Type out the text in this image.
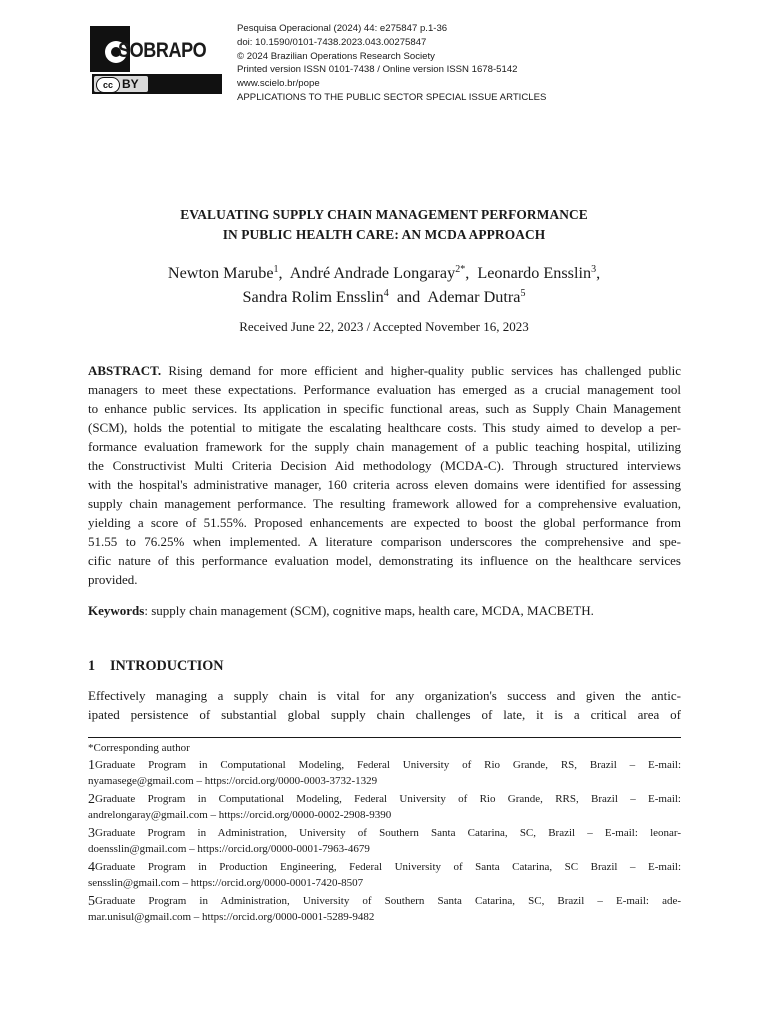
SOBRAPO
cc BY
Pesquisa Operacional (2024) 44: e275847 p.1-36
doi: 10.1590/0101-7438.2023.043.00275847
© 2024 Brazilian Operations Research Society
Printed version ISSN 0101-7438 / Online version ISSN 1678-5142
www.scielo.br/pope
APPLICATIONS TO THE PUBLIC SECTOR SPECIAL ISSUE ARTICLES
EVALUATING SUPPLY CHAIN MANAGEMENT PERFORMANCE
IN PUBLIC HEALTH CARE: AN MCDA APPROACH
Newton Marube$^1$,  André Andrade Longaray$^{2*}$,  Leonardo Ensslin$^3$,
Sandra Rolim Ensslin$^4$ and Ademar Dutra$^5$
Received June 22, 2023 / Accepted November 16, 2023
ABSTRACT. Rising demand for more efficient and higher-quality public services has challenged public
managers to meet these expectations. Performance evaluation has emerged as a crucial management tool
to enhance public services. Its application in specific functional areas, such as Supply Chain Management
(SCM), holds the potential to mitigate the escalating healthcare costs. This study aimed to develop a per-
formance evaluation framework for the supply chain management of a public teaching hospital, utilizing
the Constructivist Multi Criteria Decision Aid methodology (MCDA-C). Through structured interviews
with the hospital's administrative manager, 160 criteria across eleven domains were identified for assessing
supply chain management performance. The resulting framework allowed for a comprehensive evaluation,
yielding a score of 51.55%. Proposed enhancements are expected to boost the global performance from
51.55 to 76.25% when implemented. A literature comparison underscores the comprehensive and spe-
cific nature of this performance evaluation model, demonstrating its influence on the healthcare services
provided.
Keywords: supply chain management (SCM), cognitive maps, health care, MCDA, MACBETH.
1 INTRODUCTION
Effectively managing a supply chain is vital for any organization's success and given the antic-
ipated persistence of substantial global supply chain challenges of late, it is a critical area of
*Corresponding author
1Graduate Program in Computational Modeling, Federal University of Rio Grande, RS, Brazil – E-mail:
nyamasege@gmail.com – https://orcid.org/0000-0003-3732-1329
2Graduate Program in Computational Modeling, Federal University of Rio Grande, RRS, Brazil – E-mail:
andrelongaray@gmail.com – https://orcid.org/0000-0002-2908-9390
3Graduate Program in Administration, University of Southern Santa Catarina, SC, Brazil – E-mail: leonar-
doensslin@gmail.com – https://orcid.org/0000-0001-7963-4679
4Graduate Program in Production Engineering, Federal University of Santa Catarina, SC Brazil – E-mail:
sensslin@gmail.com – https://orcid.org/0000-0001-7420-8507
5Graduate Program in Administration, University of Southern Santa Catarina, SC, Brazil – E-mail: ade-
mar.unisul@gmail.com – https://orcid.org/0000-0001-5289-9482
